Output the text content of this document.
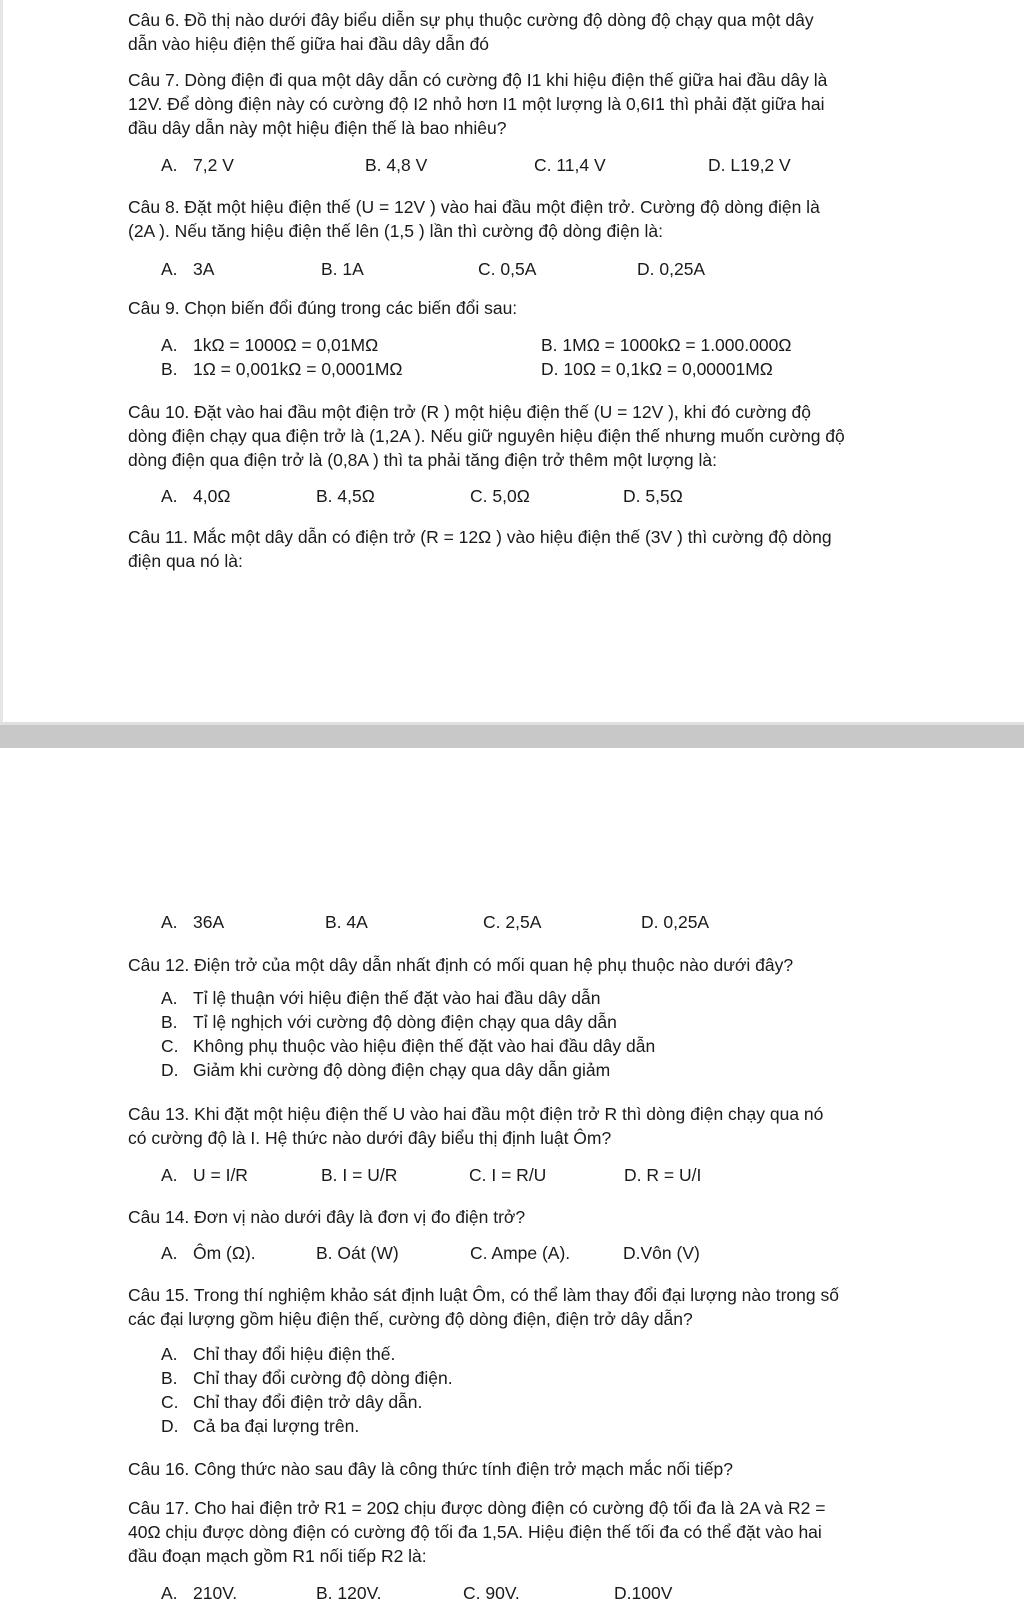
Câu 6. Đồ thị nào dưới đây biểu diễn sự phụ thuộc cường độ dòng độ chạy qua một dây
dẫn vào hiệu điện thế giữa hai đầu dây dẫn đó
Câu 7. Dòng điện đi qua một dây dẫn có cường độ I1 khi hiệu điện thế giữa hai đầu dây là
12V. Để dòng điện này có cường độ I2 nhỏ hơn I1 một lượng là 0,6I1 thì phải đặt giữa hai
đầu dây dẫn này một hiệu điện thế là bao nhiêu?
A. 7,2 V	B. 4,8 V	C. 11,4 V	D. L19,2 V
Câu 8. Đặt một hiệu điện thế (U = 12V ) vào hai đầu một điện trở. Cường độ dòng điện là
(2A ). Nếu tăng hiệu điện thế lên (1,5 ) lần thì cường độ dòng điện là:
A. 3A	B. 1A	C. 0,5A	D. 0,25A
Câu 9. Chọn biến đổi đúng trong các biến đổi sau:
A. 1kΩ = 1000Ω = 0,01MΩ	B. 1MΩ = 1000kΩ = 1.000.000Ω
B. 1Ω = 0,001kΩ = 0,0001MΩ	D. 10Ω = 0,1kΩ = 0,00001MΩ
Câu 10. Đặt vào hai đầu một điện trở (R ) một hiệu điện thế (U = 12V ), khi đó cường độ
dòng điện chạy qua điện trở là (1,2A ). Nếu giữ nguyên hiệu điện thế nhưng muốn cường độ
dòng điện qua điện trở là (0,8A ) thì ta phải tăng điện trở thêm một lượng là:
A. 4,0Ω	B. 4,5Ω	C. 5,0Ω	D. 5,5Ω
Câu 11. Mắc một dây dẫn có điện trở (R = 12Ω ) vào hiệu điện thế (3V ) thì cường độ dòng
điện qua nó là:
A. 36A	B. 4A	C. 2,5A	D. 0,25A
Câu 12. Điện trở của một dây dẫn nhất định có mối quan hệ phụ thuộc nào dưới đây?
A. Tỉ lệ thuận với hiệu điện thế đặt vào hai đầu dây dẫn
B. Tỉ lệ nghịch với cường độ dòng điện chạy qua dây dẫn
C. Không phụ thuộc vào hiệu điện thế đặt vào hai đầu dây dẫn
D. Giảm khi cường độ dòng điện chạy qua dây dẫn giảm
Câu 13. Khi đặt một hiệu điện thế U vào hai đầu một điện trở R thì dòng điện chạy qua nó
có cường độ là I. Hệ thức nào dưới đây biểu thị định luật Ôm?
A. U = I/R	B. I = U/R	C. I = R/U	D. R = U/I
Câu 14. Đơn vị nào dưới đây là đơn vị đo điện trở?
A. Ôm (Ω).	B. Oát (W)	C. Ampe (A).	D.Vôn (V)
Câu 15. Trong thí nghiệm khảo sát định luật Ôm, có thể làm thay đổi đại lượng nào trong số
các đại lượng gồm hiệu điện thế, cường độ dòng điện, điện trở dây dẫn?
A. Chỉ thay đổi hiệu điện thế.
B. Chỉ thay đổi cường độ dòng điện.
C. Chỉ thay đổi điện trở dây dẫn.
D. Cả ba đại lượng trên.
Câu 16. Công thức nào sau đây là công thức tính điện trở mạch mắc nối tiếp?
Câu 17. Cho hai điện trở R1 = 20Ω chịu được dòng điện có cường độ tối đa là 2A và R2 =
40Ω chịu được dòng điện có cường độ tối đa 1,5A. Hiệu điện thế tối đa có thể đặt vào hai
đầu đoạn mạch gồm R1 nối tiếp R2 là:
A. 210V.	B. 120V.	C. 90V.	D.100V
